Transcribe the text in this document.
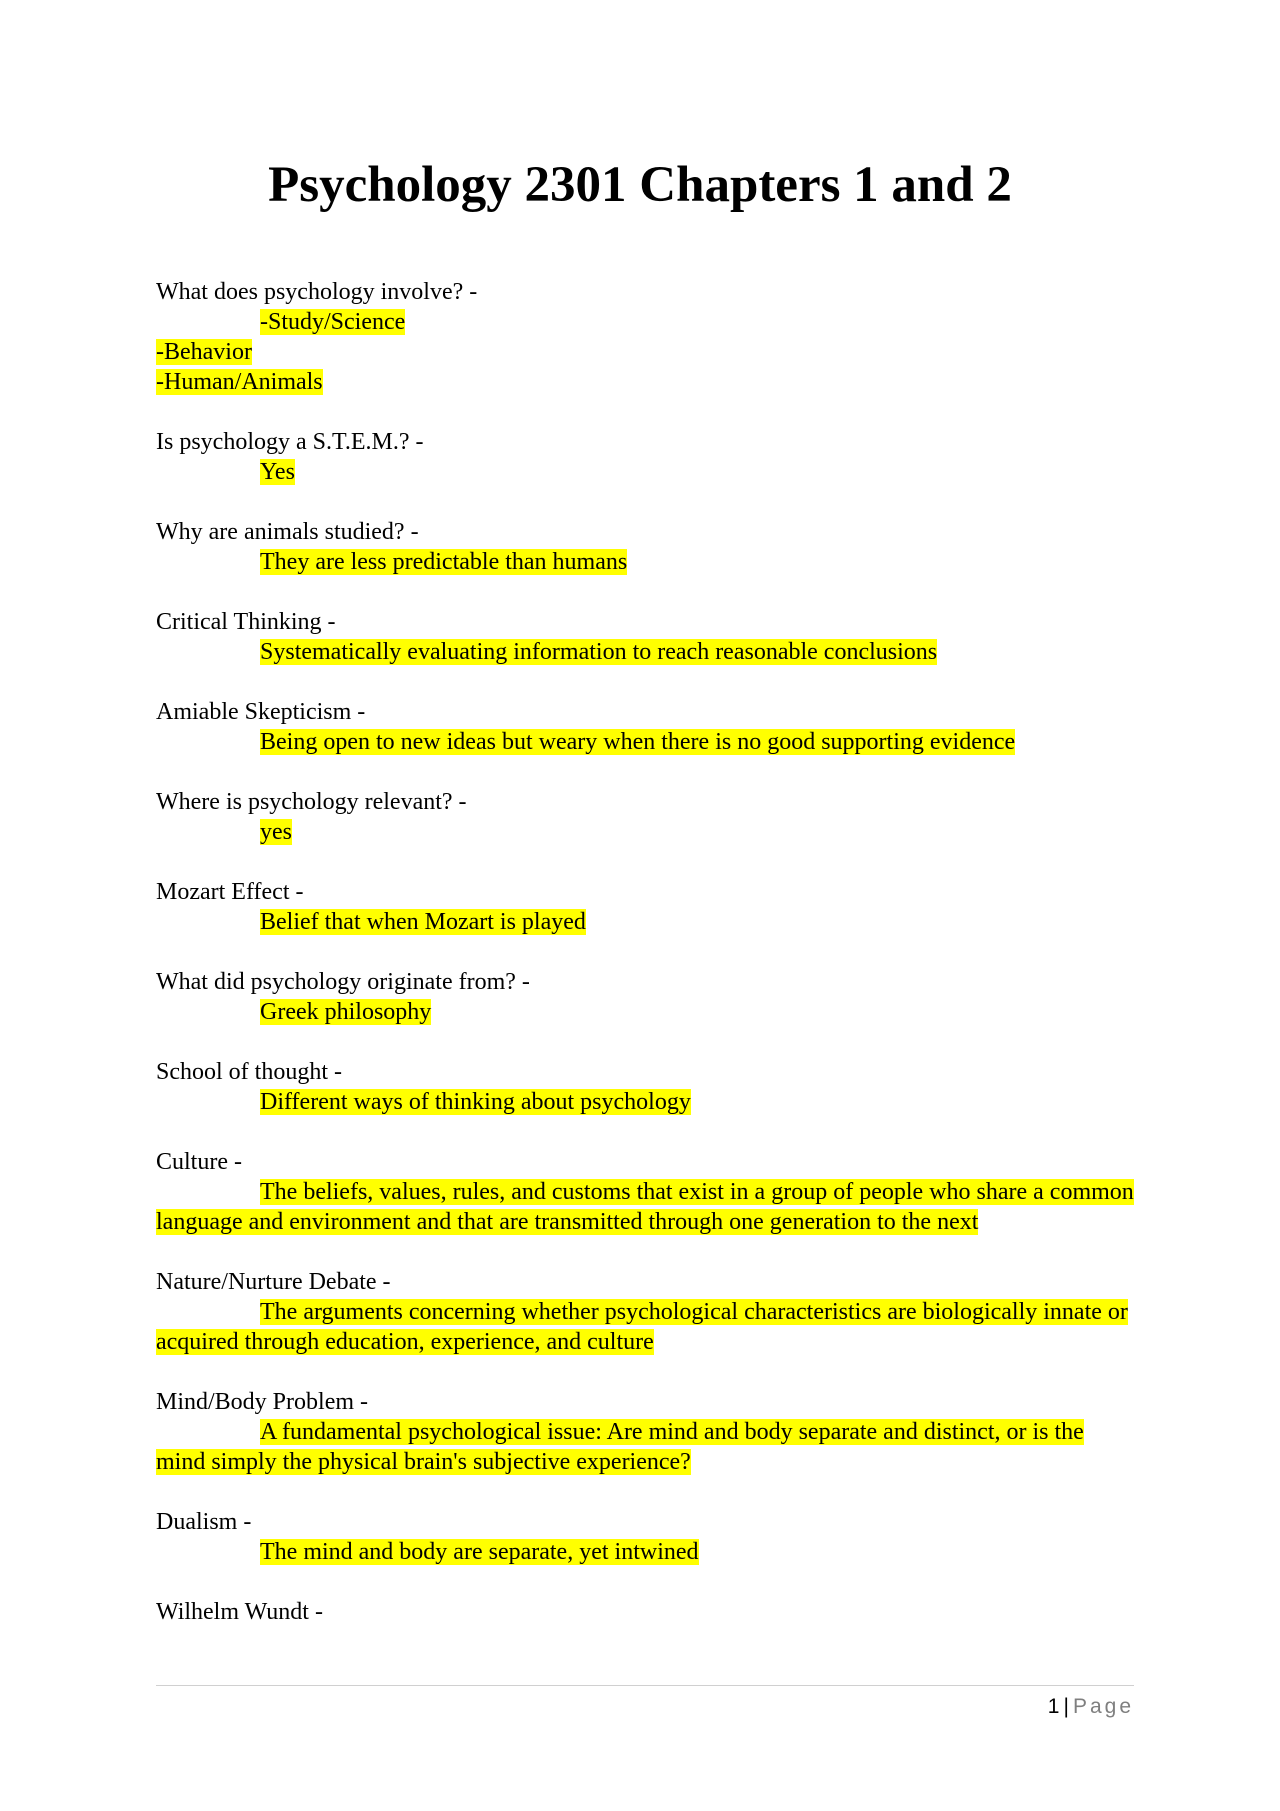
Psychology 2301 Chapters 1 and 2
What does psychology involve? -
-Study/Science
-Behavior
-Human/Animals
Is psychology a S.T.E.M.? -
Yes
Why are animals studied? -
They are less predictable than humans
Critical Thinking -
Systematically evaluating information to reach reasonable conclusions
Amiable Skepticism -
Being open to new ideas but weary when there is no good supporting evidence
Where is psychology relevant? -
yes
Mozart Effect -
Belief that when Mozart is played
What did psychology originate from? -
Greek philosophy
School of thought -
Different ways of thinking about psychology
Culture -
The beliefs, values, rules, and customs that exist in a group of people who share a common language and environment and that are transmitted through one generation to the next
Nature/Nurture Debate -
The arguments concerning whether psychological characteristics are biologically innate or acquired through education, experience, and culture
Mind/Body Problem -
A fundamental psychological issue: Are mind and body separate and distinct, or is the mind simply the physical brain's subjective experience?
Dualism -
The mind and body are separate, yet intwined
Wilhelm Wundt -
1 | Page
